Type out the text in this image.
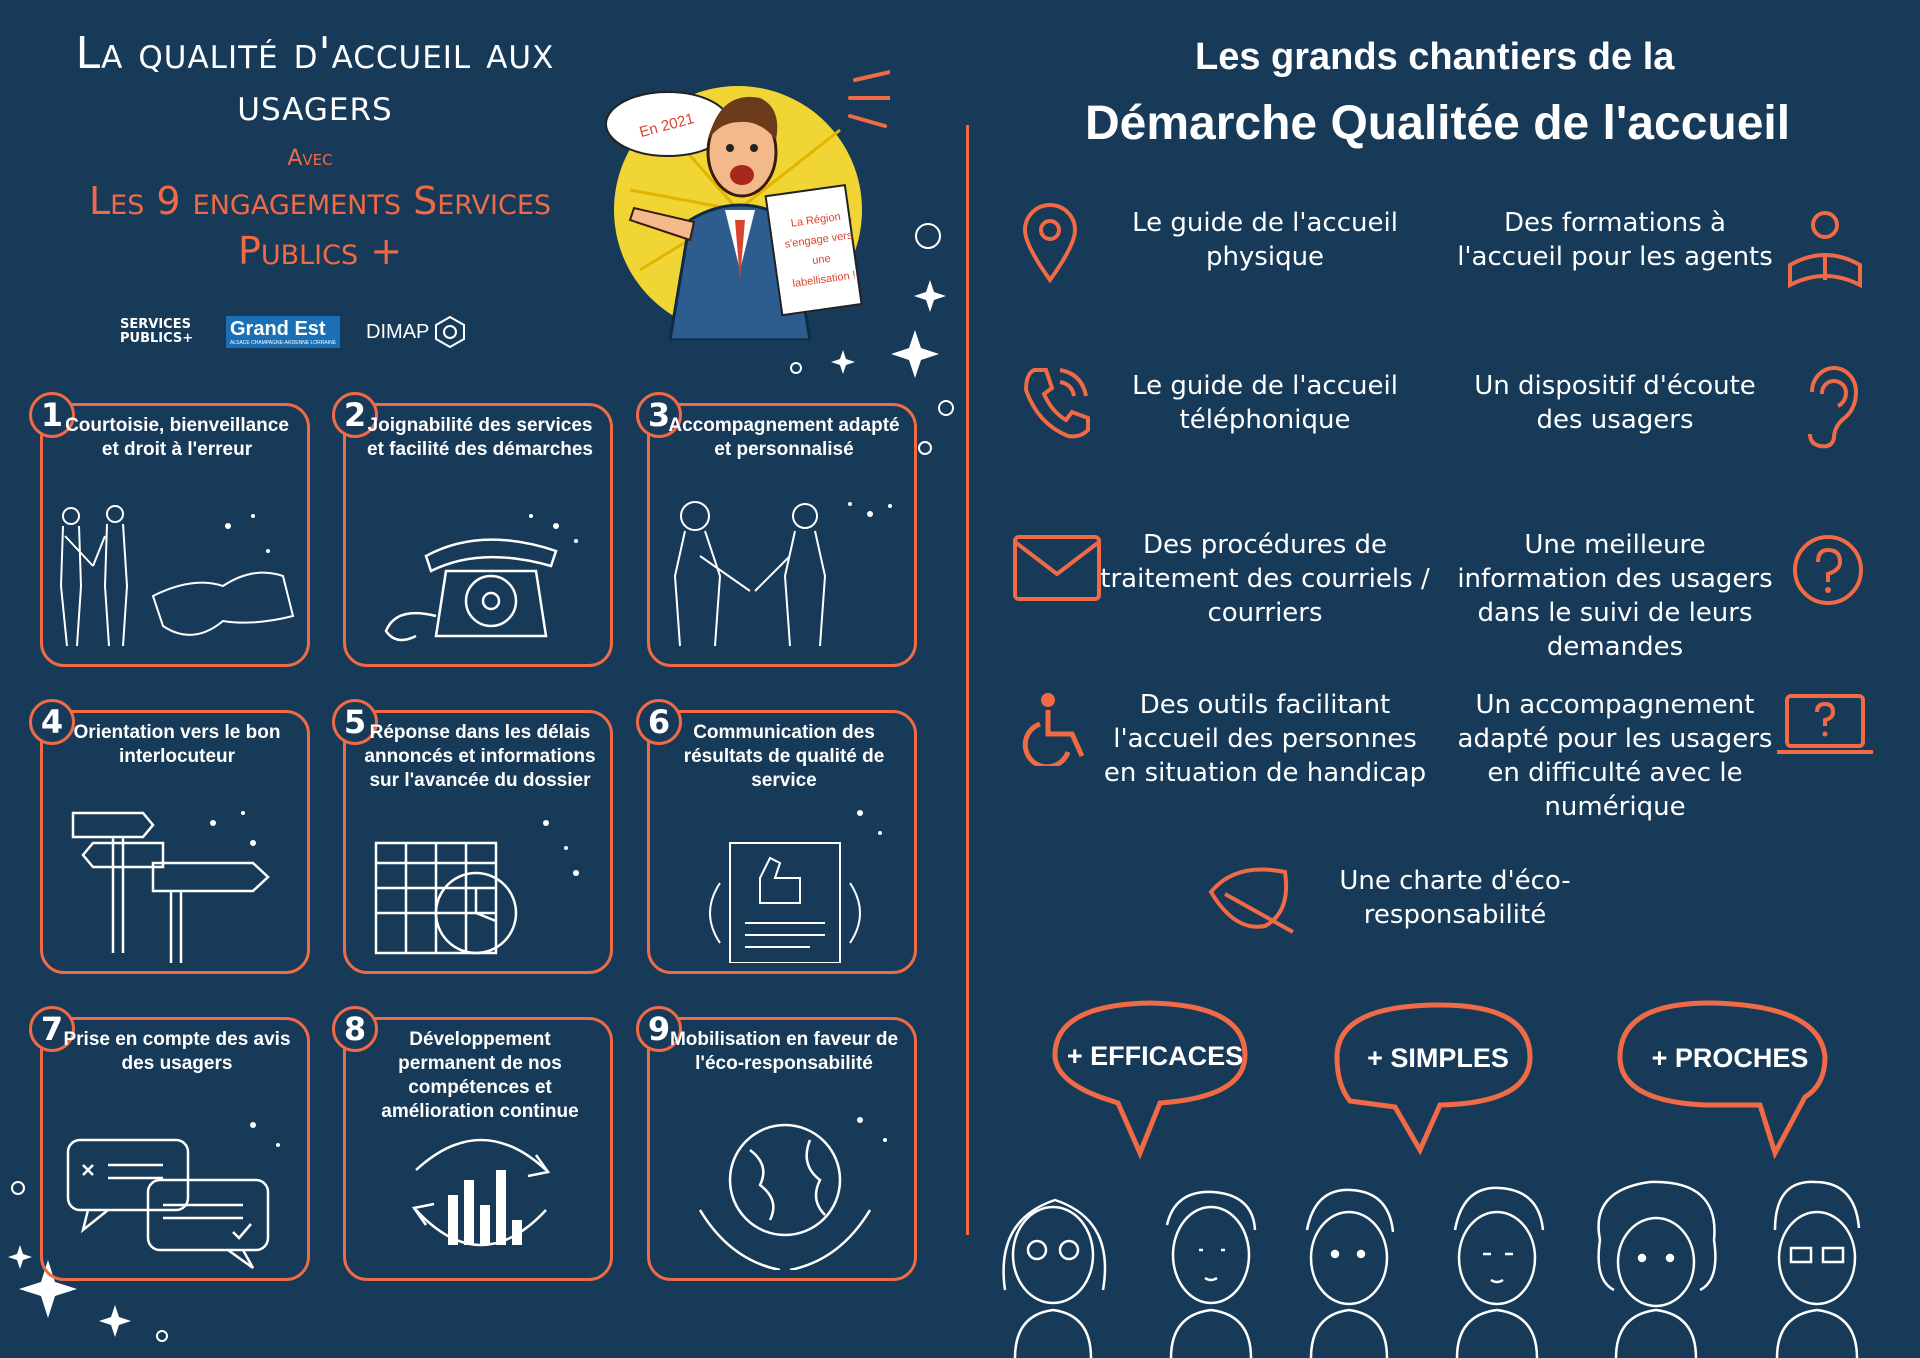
La qualité d'accueil aux usagers
Avec
Les 9 engagements Services Publics +
SERVICES PUBLICS+	Grand Est
ALSACE CHAMPAGNE-ARDENNE LORRAINE
DIMAP
En 2021
La Région s'engage vers une labellisation !
1 Courtoisie, bienveillance et droit à l'erreur
2 Joignabilité des services et facilité des démarches
3
Accompagnement adapté et personnalisé
4 Orientation vers le bon interlocuteur
5 Réponse dans les délais annoncés et informations sur l'avancée du dossier
6	Communication des résultats de qualité de service
7 Prise en compte des avis des usagers
8	Développement permanent de nos compétences et amélioration continue
9 Mobilisation en faveur de l'éco-responsabilité
Les grands chantiers de la
Démarche Qualitée de l'accueil
Le guide de l'accueil physique
Des formations à l'accueil pour les agents
Le guide de l'accueil téléphonique
Un dispositif d'écoute des usagers
Des procédures de traitement des courriels / courriers
Une meilleure information des usagers dans le suivi de leurs demandes
Des outils facilitant l'accueil des personnes en situation de handicap
Un accompagnement adapté pour les usagers en difficulté avec le numérique
Une charte d'éco-responsabilité
+ EFFICACES	+ SIMPLES	+ PROCHES
